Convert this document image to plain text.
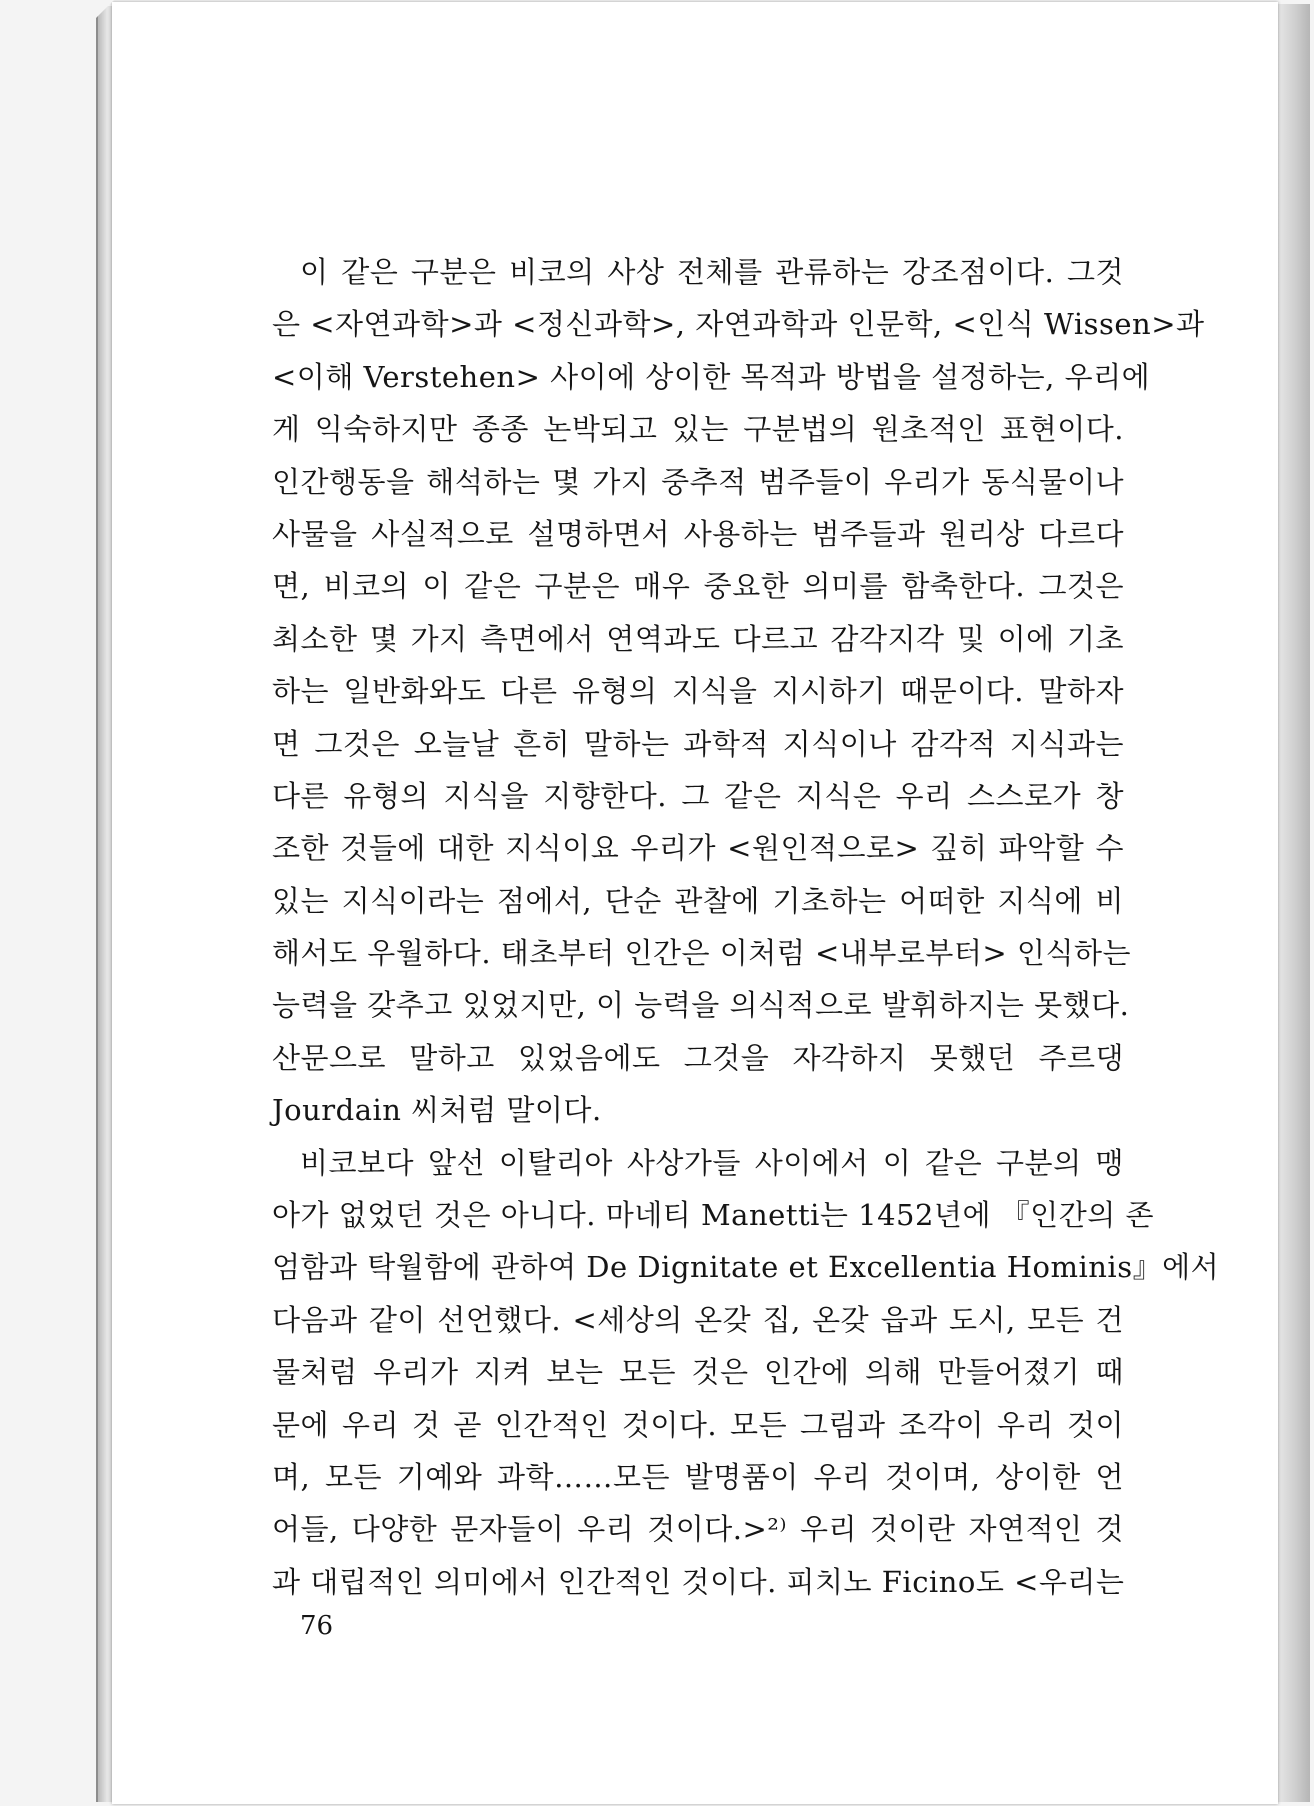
이 같은 구분은 비코의 사상 전체를 관류하는 강조점이다. 그것
은 <자연과학>과 <정신과학>, 자연과학과 인문학, <인식 Wissen>과
<이해 Verstehen> 사이에 상이한 목적과 방법을 설정하는, 우리에
게 익숙하지만 종종 논박되고 있는 구분법의 원초적인 표현이다.
인간행동을 해석하는 몇 가지 중추적 범주들이 우리가 동식물이나
사물을 사실적으로 설명하면서 사용하는 범주들과 원리상 다르다
면, 비코의 이 같은 구분은 매우 중요한 의미를 함축한다. 그것은
최소한 몇 가지 측면에서 연역과도 다르고 감각지각 및 이에 기초
하는 일반화와도 다른 유형의 지식을 지시하기 때문이다. 말하자
면 그것은 오늘날 흔히 말하는 과학적 지식이나 감각적 지식과는
다른 유형의 지식을 지향한다. 그 같은 지식은 우리 스스로가 창
조한 것들에 대한 지식이요 우리가 <원인적으로> 깊히 파악할 수
있는 지식이라는 점에서, 단순 관찰에 기초하는 어떠한 지식에 비
해서도 우월하다. 태초부터 인간은 이처럼 <내부로부터> 인식하는
능력을 갖추고 있었지만, 이 능력을 의식적으로 발휘하지는 못했다.
산문으로 말하고 있었음에도 그것을 자각하지 못했던 주르댕
Jourdain 씨처럼 말이다.
비코보다 앞선 이탈리아 사상가들 사이에서 이 같은 구분의 맹
아가 없었던 것은 아니다. 마네티 Manetti는 1452년에 『인간의 존
엄함과 탁월함에 관하여 De Dignitate et Excellentia Hominis』에서
다음과 같이 선언했다. <세상의 온갖 집, 온갖 읍과 도시, 모든 건
물처럼 우리가 지켜 보는 모든 것은 인간에 의해 만들어졌기 때
문에 우리 것 곧 인간적인 것이다. 모든 그림과 조각이 우리 것이
며, 모든 기예와 과학……모든 발명품이 우리 것이며, 상이한 언
어들, 다양한 문자들이 우리 것이다.>²⁾ 우리 것이란 자연적인 것
과 대립적인 의미에서 인간적인 것이다. 피치노 Ficino도 <우리는
76
